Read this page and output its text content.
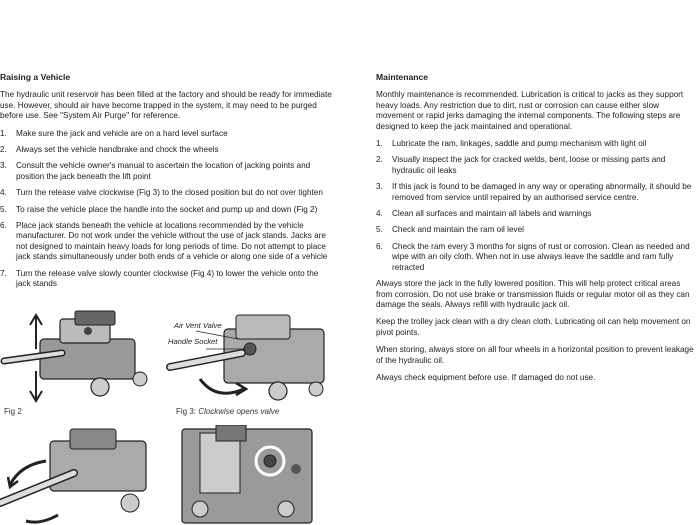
Raising a Vehicle

The hydraulic unit reservoir has been filled at the factory and should be ready for immediate use. However, should air have become trapped in the system, it may need to be purged before use. See "System Air Purge" for reference.

1. Make sure the jack and vehicle are on a hard level surface
2. Always set the vehicle handbrake and chock the wheels
3. Consult the vehicle owner's manual to ascertain the location of jacking points and position the jack beneath the lift point
4. Turn the release valve clockwise (Fig 3) to the closed position but do not over tighten
5. To raise the vehicle place the handle into the socket and pump up and down (Fig 2)
6. Place jack stands beneath the vehicle at locations recommended by the vehicle manufacturer. Do not work under the vehicle without the use of jack stands. Jacks are not designed to maintain heavy loads for long periods of time. Do not attempt to place jack stands simultaneously under both ends of a vehicle or along one side of a vehicle
7. Turn the release valve slowly counter clockwise (Fig 4) to lower the vehicle onto the jack stands
Fig 2
Air Vent Valve
Handle Socket
Fig 3: Clockwise opens valve
Maintenance

Monthly maintenance is recommended. Lubrication is critical to jacks as they support heavy loads. Any restriction due to dirt, rust or corrosion can cause either slow movement or rapid jerks damaging the internal components. The following steps are designed to keep the jack maintained and operational.

1. Lubricate the ram, linkages, saddle and pump mechanism with light oil
2. Visually inspect the jack for cracked welds, bent, loose or missing parts and hydraulic oil leaks
3. If this jack is found to be damaged in any way or operating abnormally, it should be removed from service until repaired by an authorised service centre.
4. Clean all surfaces and maintain all labels and warnings
5. Check and maintain the ram oil level
6. Check the ram every 3 months for signs of rust or corrosion. Clean as needed and wipe with an oily cloth. When not in use always leave the saddle and ram fully retracted

Always store the jack in the fully lowered position. This will help protect critical areas from corrosion. Do not use brake or transmission fluids or regular motor oil as they can damage the seals. Always refill with hydraulic jack oil.

Keep the trolley jack clean with a dry clean cloth. Lubricating oil can help movement on pivot points.

When storing, always store on all four wheels in a horizontal position to prevent leakage of the hydraulic oil.

Always check equipment before use. If damaged do not use.
